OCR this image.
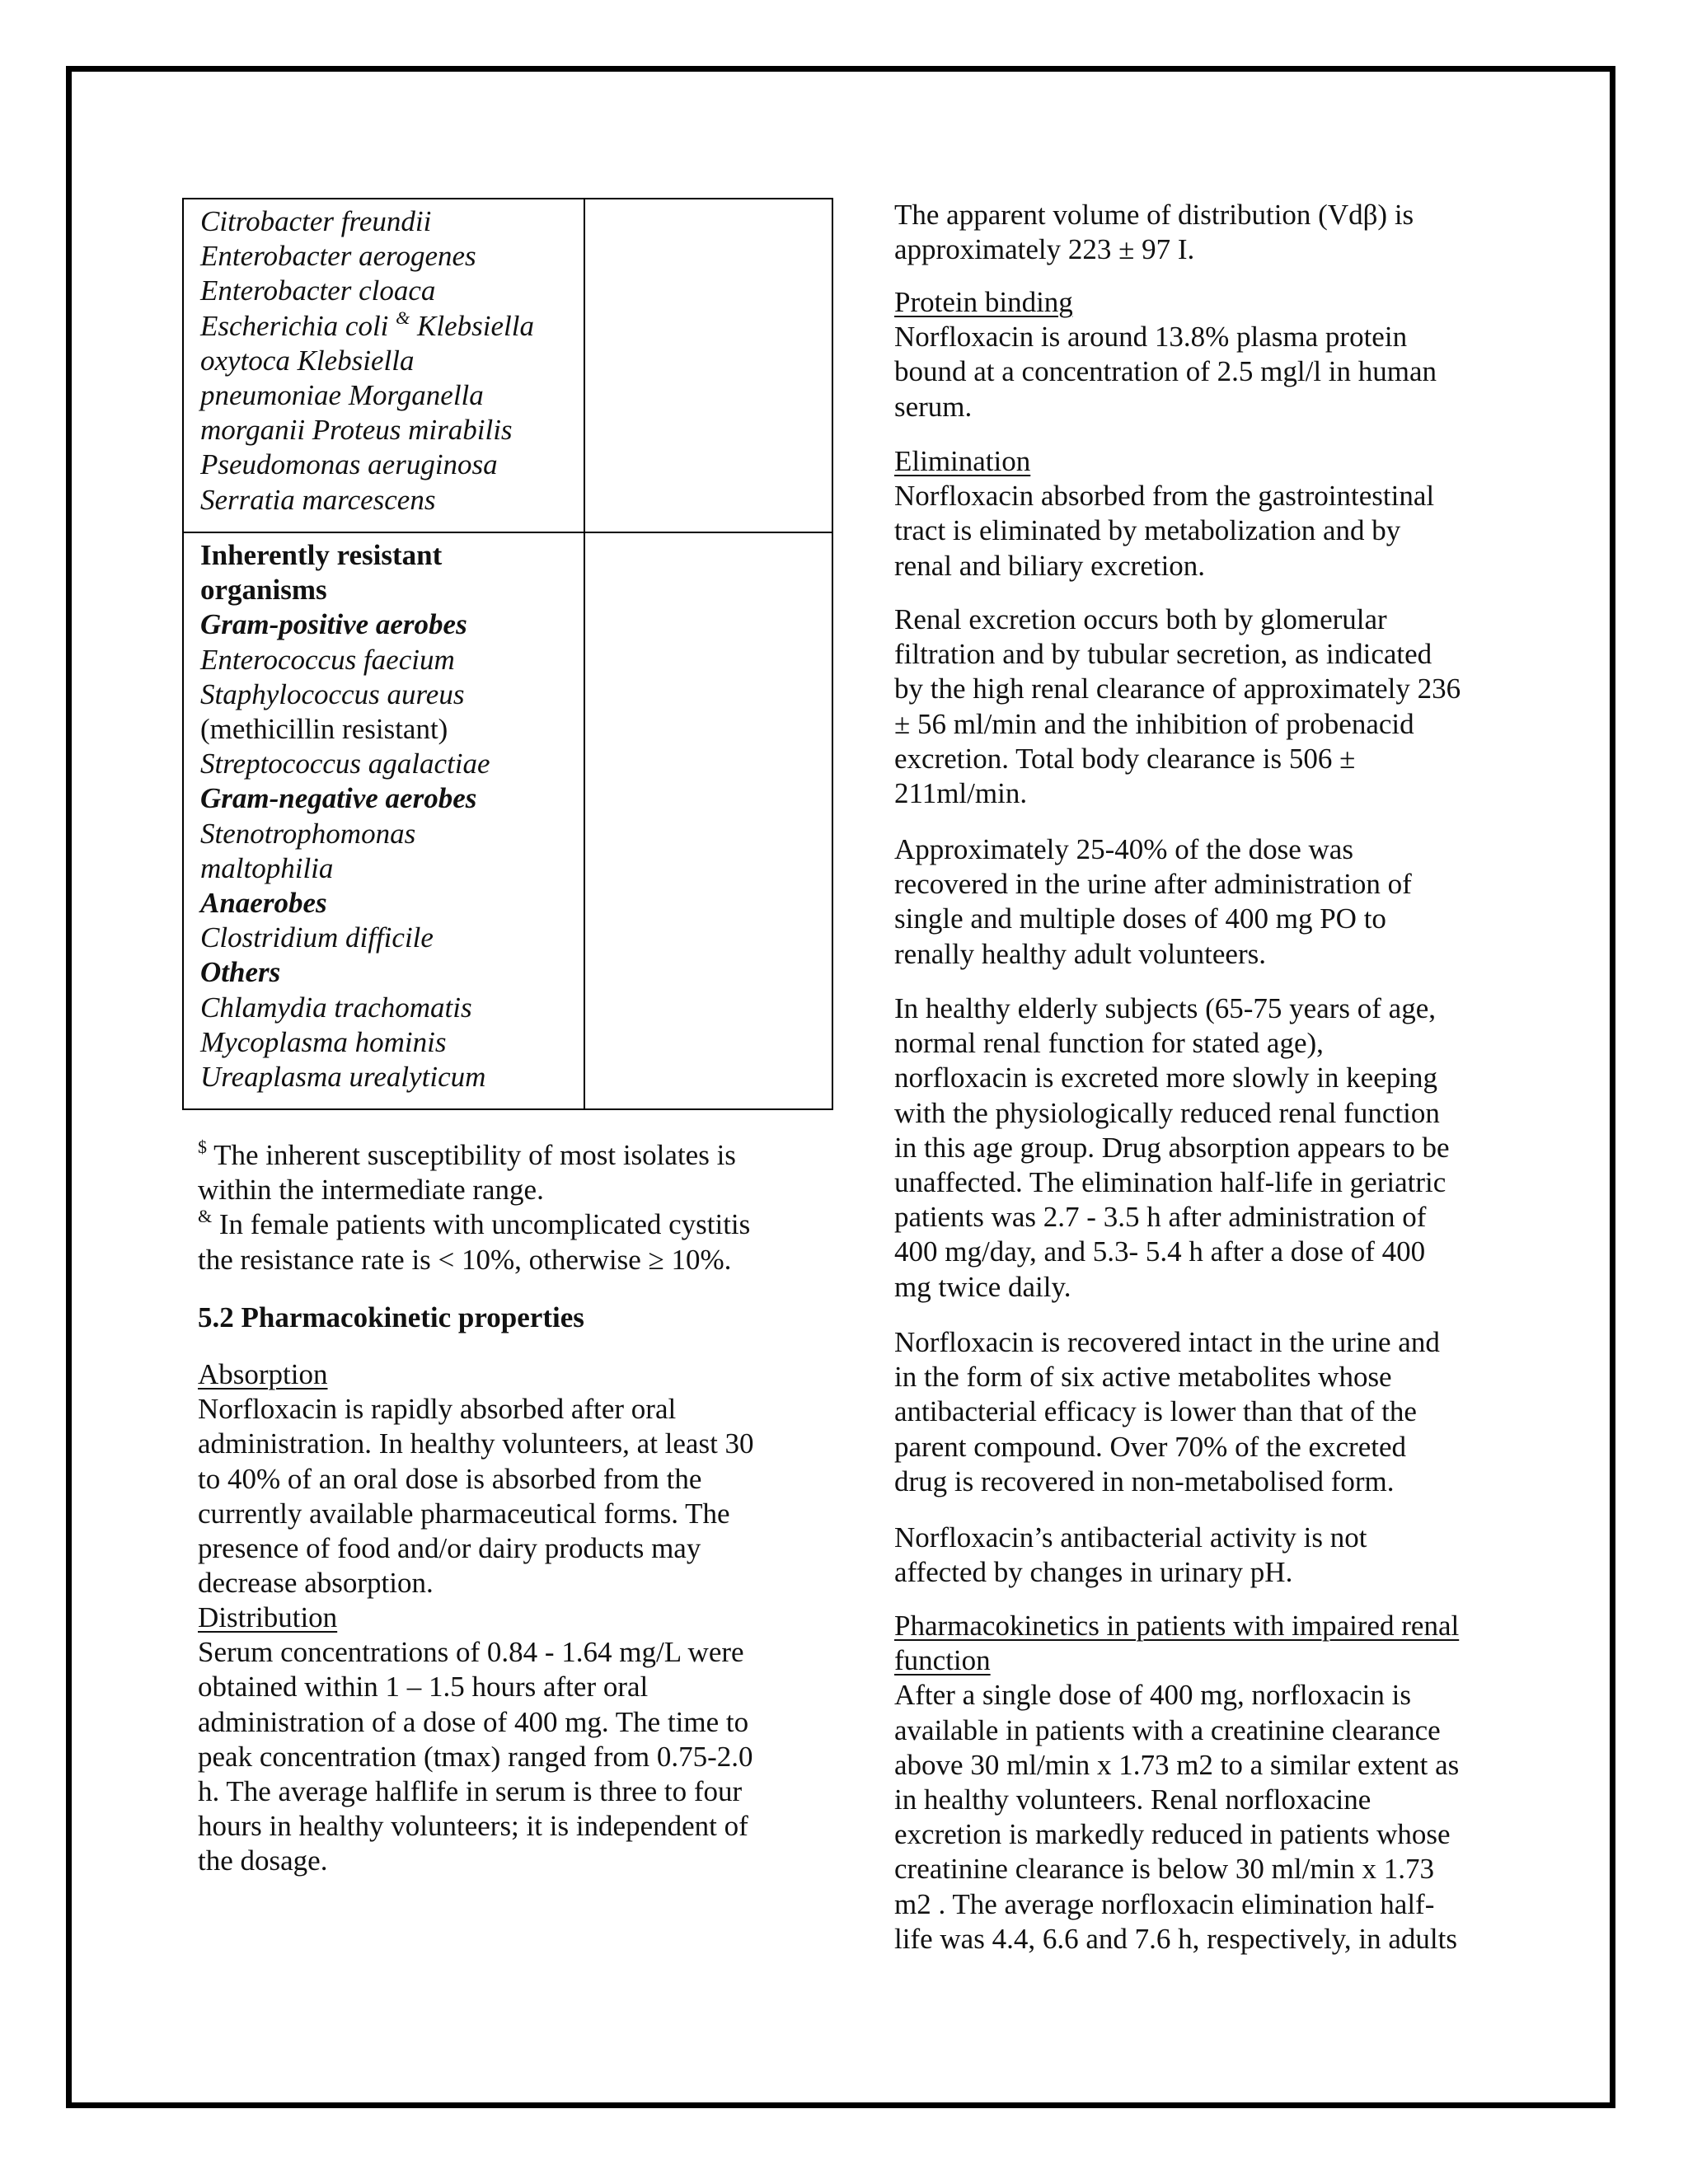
Citrobacter freundii
Enterobacter aerogenes
Enterobacter cloaca
Escherichia coli & Klebsiella
oxytoca Klebsiella
pneumoniae Morganella
morganii Proteus mirabilis
Pseudomonas aeruginosa
Serratia marcescens
Inherently resistant
organisms
Gram-positive aerobes
Enterococcus faecium
Staphylococcus aureus
(methicillin resistant)
Streptococcus agalactiae
Gram-negative aerobes
Stenotrophomonas
maltophilia
Anaerobes
Clostridium difficile
Others
Chlamydia trachomatis
Mycoplasma hominis
Ureaplasma urealyticum
$ The inherent susceptibility of most isolates is
within the intermediate range.
& In female patients with uncomplicated cystitis
the resistance rate is < 10%, otherwise ≥ 10%.
5.2 Pharmacokinetic properties
Absorption
Norfloxacin is rapidly absorbed after oral
administration. In healthy volunteers, at least 30
to 40% of an oral dose is absorbed from the
currently available pharmaceutical forms. The
presence of food and/or dairy products may
decrease absorption.
Distribution
Serum concentrations of 0.84 - 1.64 mg/L were
obtained within 1 – 1.5 hours after oral
administration of a dose of 400 mg. The time to
peak concentration (tmax) ranged from 0.75-2.0
h. The average halflife in serum is three to four
hours in healthy volunteers; it is independent of
the dosage.
The apparent volume of distribution (Vdβ) is
approximately 223 ± 97 I.
Protein binding
Norfloxacin is around 13.8% plasma protein
bound at a concentration of 2.5 mgl/l in human
serum.
Elimination
Norfloxacin absorbed from the gastrointestinal
tract is eliminated by metabolization and by
renal and biliary excretion.
Renal excretion occurs both by glomerular
filtration and by tubular secretion, as indicated
by the high renal clearance of approximately 236
± 56 ml/min and the inhibition of probenacid
excretion. Total body clearance is 506 ±
211ml/min.
Approximately 25-40% of the dose was
recovered in the urine after administration of
single and multiple doses of 400 mg PO to
renally healthy adult volunteers.
In healthy elderly subjects (65-75 years of age,
normal renal function for stated age),
norfloxacin is excreted more slowly in keeping
with the physiologically reduced renal function
in this age group. Drug absorption appears to be
unaffected. The elimination half-life in geriatric
patients was 2.7 - 3.5 h after administration of
400 mg/day, and 5.3- 5.4 h after a dose of 400
mg twice daily.
Norfloxacin is recovered intact in the urine and
in the form of six active metabolites whose
antibacterial efficacy is lower than that of the
parent compound. Over 70% of the excreted
drug is recovered in non-metabolised form.
Norfloxacin’s antibacterial activity is not
affected by changes in urinary pH.
Pharmacokinetics in patients with impaired renal
function
After a single dose of 400 mg, norfloxacin is
available in patients with a creatinine clearance
above 30 ml/min x 1.73 m2 to a similar extent as
in healthy volunteers. Renal norfloxacine
excretion is markedly reduced in patients whose
creatinine clearance is below 30 ml/min x 1.73
m2 . The average norfloxacin elimination half-
life was 4.4, 6.6 and 7.6 h, respectively, in adults
